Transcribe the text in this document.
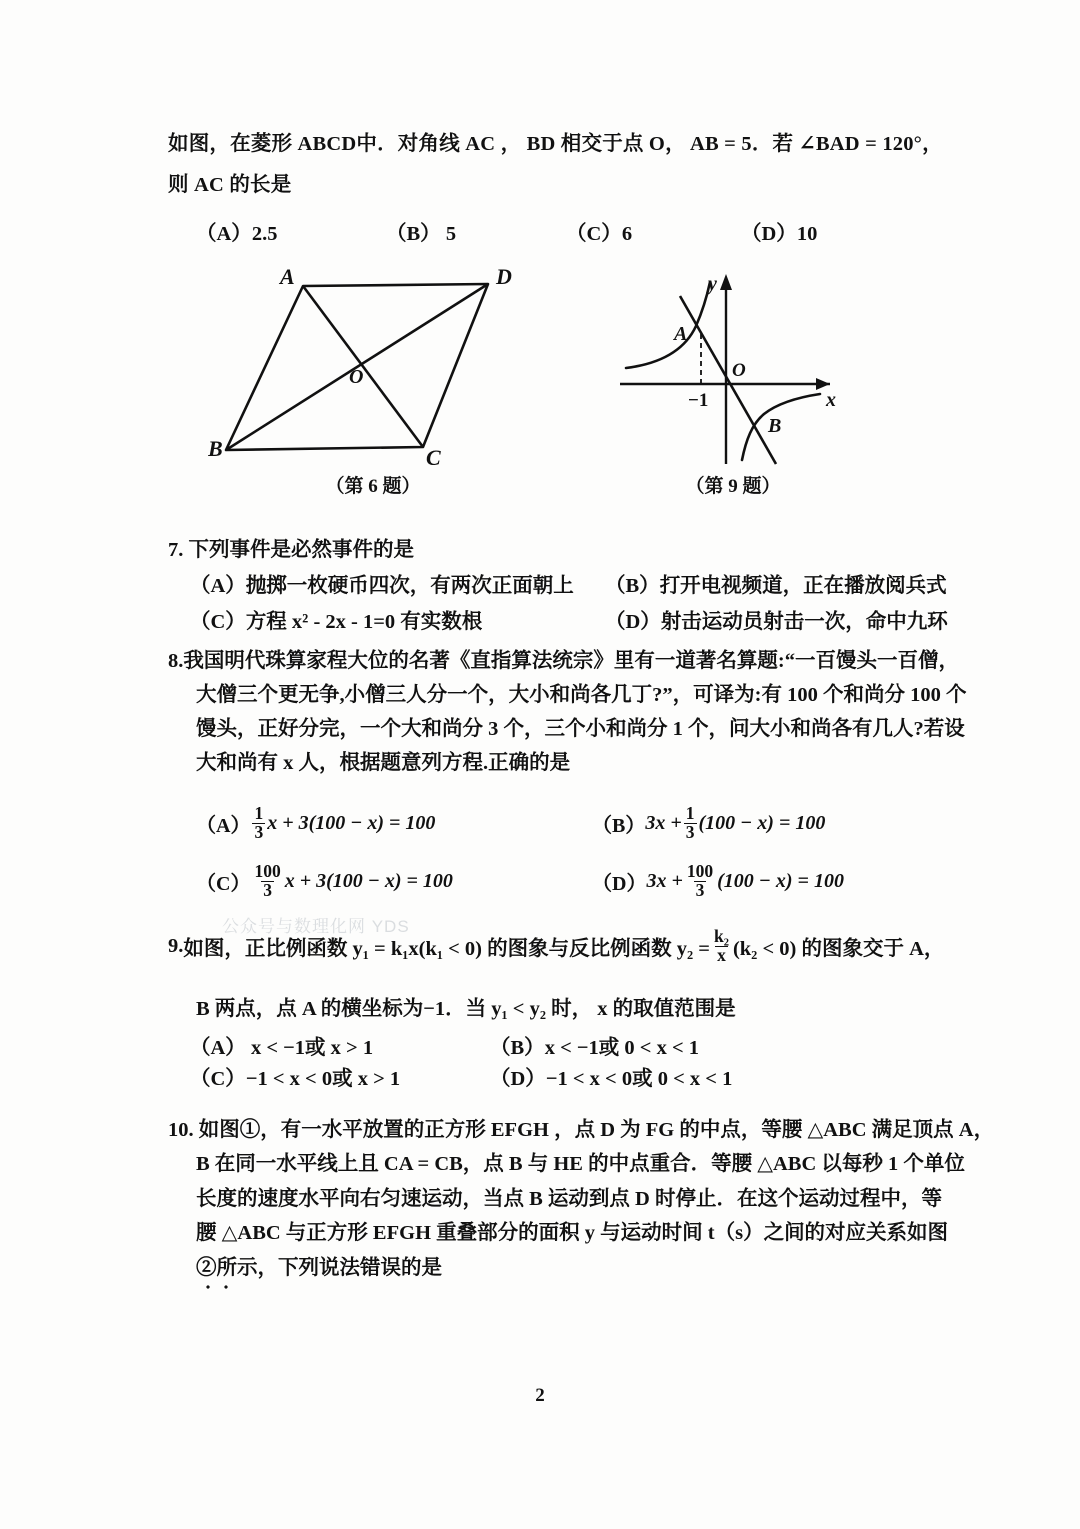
如图，在菱形 ABCD中．对角线 AC ， BD 相交于点 O， AB = 5．若 ∠BAD = 120°，
则 AC 的长是
（A）2.5	（B） 5	（C）6	（D）10
A	D
B	C
O
（第 6 题）
A
B
O
−1	x
y
（第 9 题）
7. 下列事件是必然事件的是
（A）抛掷一枚硬币四次，有两次正面朝上	（B）打开电视频道，正在播放阅兵式
（C）方程 x² - 2x - 1=0 有实数根	（D）射击运动员射击一次，命中九环
8.我国明代珠算家程大位的名著《直指算法统宗》里有一道著名算题:“一百馒头一百僧，
大僧三个更无争,小僧三人分一个，大小和尚各几丁?”，可译为:有 100 个和尚分 100 个
馒头，正好分完，一个大和尚分 3 个，三个小和尚分 1 个，问大小和尚各有几人?若设
大和尚有 x 人，根据题意列方程.正确的是
$(A) \frac{1}{3}$ x + 3(100 − x) = 100	（B） $3x + \frac{1}{3} (100 - x) = 100$
$(C) \frac{100}{3}$ x + 3(100 − x) = 100	（D） $3x + \frac{100}{3} (100 - x) = 100$
9. 如图，正比例函数 y₁ = k₁x(k₁ < 0) 的图象与反比例函数 $y_2 = \frac{\text{k₂}}{x} (k_2 < 0)$ 的图象交于 A，
B 两点，点 A 的横坐标为−1．当 y₁ < y₂ 时， x 的取值范围是
（A） x < −1或 x > 1	（B）x < −1或 0 < x < 1
（C）−1 < x < 0或 x > 1	（D）−1 < x < 0或 0 < x < 1
10. 如图①，有一水平放置的正方形 EFGH ，点 D 为 FG 的中点，等腰 △ABC 满足顶点 A，
B 在同一水平线上且 CA = CB，点 B 与 HE 的中点重合．等腰 △ABC 以每秒 1 个单位
长度的速度水平向右匀速运动，当点 B 运动到点 D 时停止．在这个运动过程中，等
腰 △ABC 与正方形 EFGH 重叠部分的面积 y 与运动时间 t（s）之间的对应关系如图
②所示，下列说法错误的是
公众号与数理化网 YDS
2
